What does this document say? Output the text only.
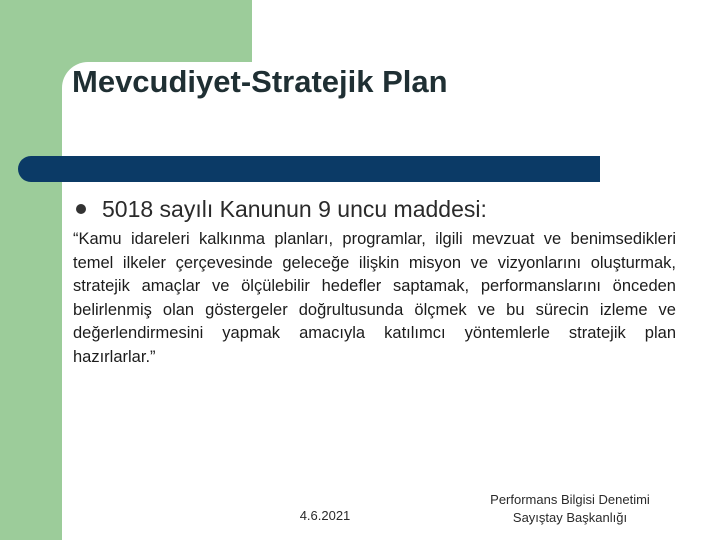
Mevcudiyet-Stratejik Plan
5018 sayılı Kanunun 9 uncu maddesi:

“Kamu idareleri kalkınma planları, programlar, ilgili mevzuat ve benimsedikleri temel ilkeler çerçevesinde geleceğe ilişkin misyon ve vizyonlarını oluşturmak, stratejik amaçlar ve ölçülebilir hedefler saptamak, performanslarını önceden belirlenmiş olan göstergeler doğrultusunda ölçmek ve bu sürecin izleme ve değerlendirmesini yapmak amacıyla katılımcı yöntemlerle stratejik plan hazırlarlar.”

4.6.2021
Performans Bilgisi Denetimi
Sayıştay Başkanlığı
